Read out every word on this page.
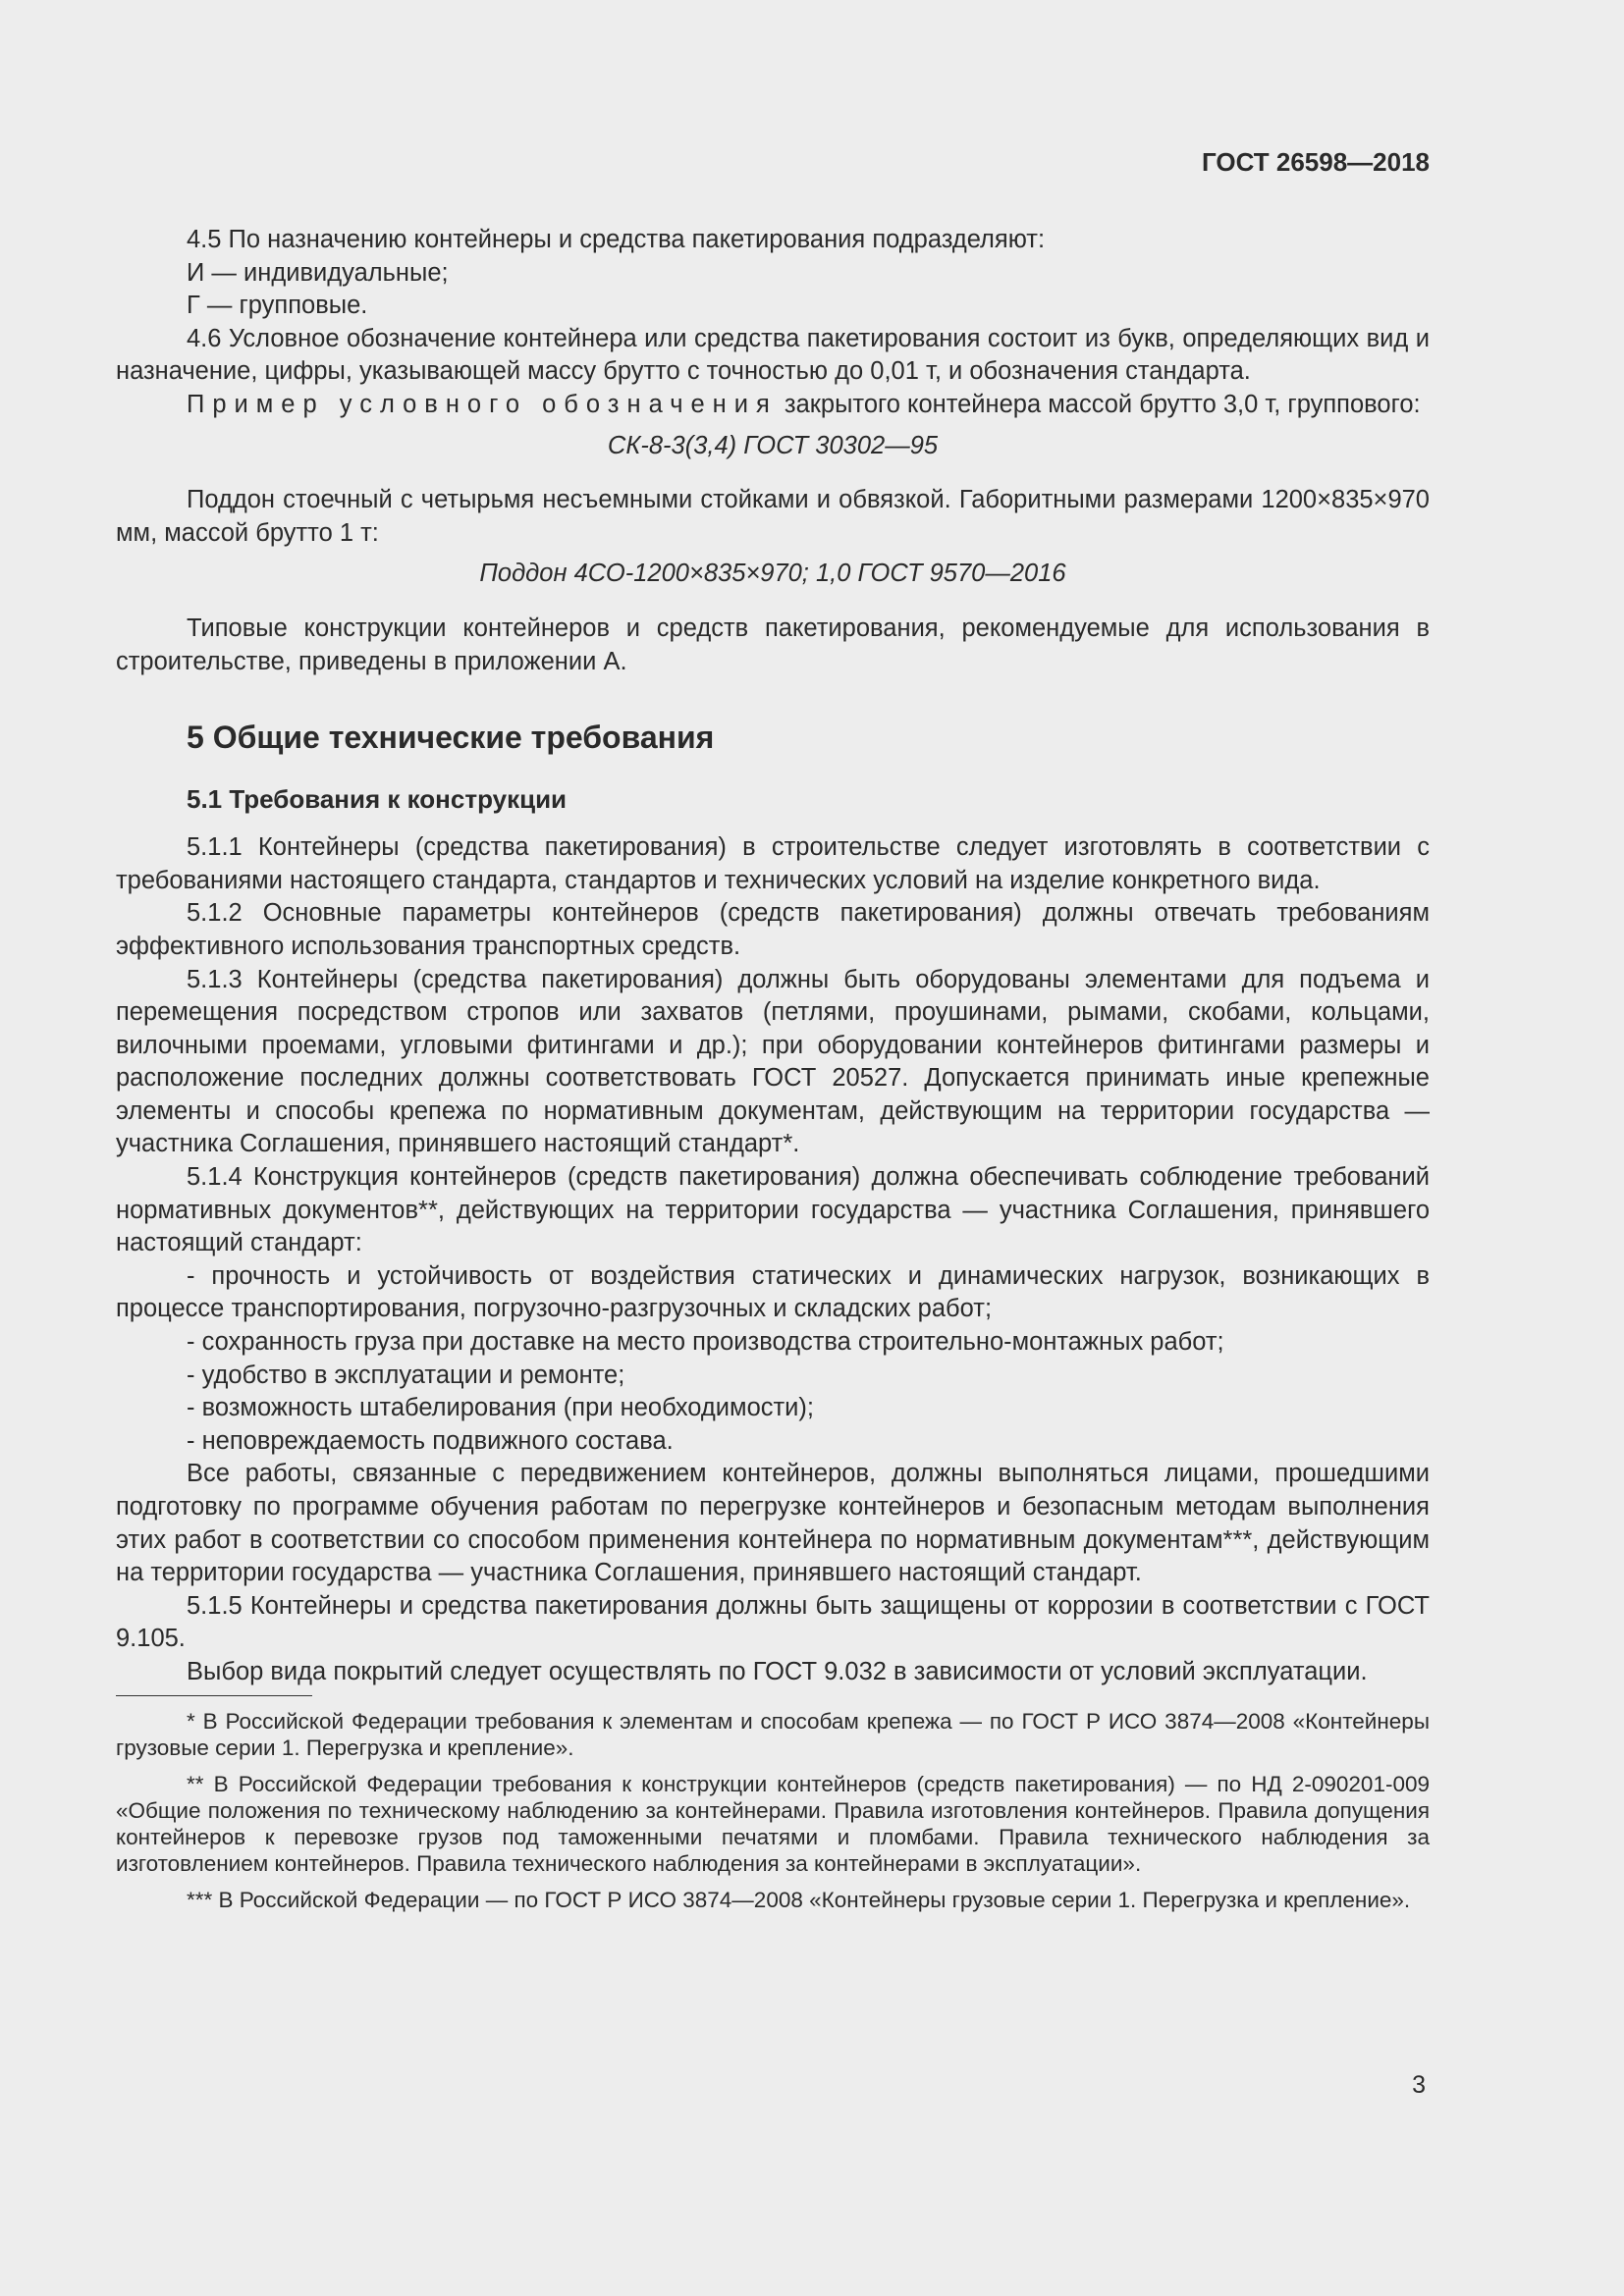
ГОСТ 26598—2018

4.5 По назначению контейнеры и средства пакетирования подразделяют:

И — индивидуальные;

Г — групповые.

4.6 Условное обозначение контейнера или средства пакетирования состоит из букв, определяющих вид и назначение, цифры, указывающей массу брутто с точностью до 0,01 т, и обозначения стандарта.

Пример условного обозначения закрытого контейнера массой брутто 3,0 т, группового:

СК-8-3(3,4) ГОСТ 30302—95

Поддон стоечный с четырьмя несъемными стойками и обвязкой. Габоритными размерами 1200×835×970 мм, массой брутто 1 т:

Поддон 4СО-1200×835×970; 1,0 ГОСТ 9570—2016

Типовые конструкции контейнеров и средств пакетирования, рекомендуемые для использования в строительстве, приведены в приложении А.

5 Общие технические требования
5.1 Требования к конструкции

5.1.1 Контейнеры (средства пакетирования) в строительстве следует изготовлять в соответствии с требованиями настоящего стандарта, стандартов и технических условий на изделие конкретного вида.

5.1.2 Основные параметры контейнеров (средств пакетирования) должны отвечать требованиям эффективного использования транспортных средств.

5.1.3 Контейнеры (средства пакетирования) должны быть оборудованы элементами для подъема и перемещения посредством стропов или захватов (петлями, проушинами, рымами, скобами, кольцами, вилочными проемами, угловыми фитингами и др.); при оборудовании контейнеров фитингами размеры и расположение последних должны соответствовать ГОСТ 20527. Допускается принимать иные крепежные элементы и способы крепежа по нормативным документам, действующим на территории государства — участника Соглашения, принявшего настоящий стандарт*.

5.1.4 Конструкция контейнеров (средств пакетирования) должна обеспечивать соблюдение требований нормативных документов**, действующих на территории государства — участника Соглашения, принявшего настоящий стандарт:

- прочность и устойчивость от воздействия статических и динамических нагрузок, возникающих в процессе транспортирования, погрузочно-разгрузочных и складских работ;

- сохранность груза при доставке на место производства строительно-монтажных работ;

- удобство в эксплуатации и ремонте;

- возможность штабелирования (при необходимости);

- неповреждаемость подвижного состава.

Все работы, связанные с передвижением контейнеров, должны выполняться лицами, прошедшими подготовку по программе обучения работам по перегрузке контейнеров и безопасным методам выполнения этих работ в соответствии со способом применения контейнера по нормативным документам***, действующим на территории государства — участника Соглашения, принявшего настоящий стандарт.

5.1.5 Контейнеры и средства пакетирования должны быть защищены от коррозии в соответствии с ГОСТ 9.105.

Выбор вида покрытий следует осуществлять по ГОСТ 9.032 в зависимости от условий эксплуатации.

* В Российской Федерации требования к элементам и способам крепежа — по ГОСТ Р ИСО 3874—2008 «Контейнеры грузовые серии 1. Перегрузка и крепление».

** В Российской Федерации требования к конструкции контейнеров (средств пакетирования) — по НД 2-090201-009 «Общие положения по техническому наблюдению за контейнерами. Правила изготовления контейнеров. Правила допущения контейнеров к перевозке грузов под таможенными печатями и пломбами. Правила технического наблюдения за изготовлением контейнеров. Правила технического наблюдения за контейнерами в эксплуатации».

*** В Российской Федерации — по ГОСТ Р ИСО 3874—2008 «Контейнеры грузовые серии 1. Перегрузка и крепление».

3
